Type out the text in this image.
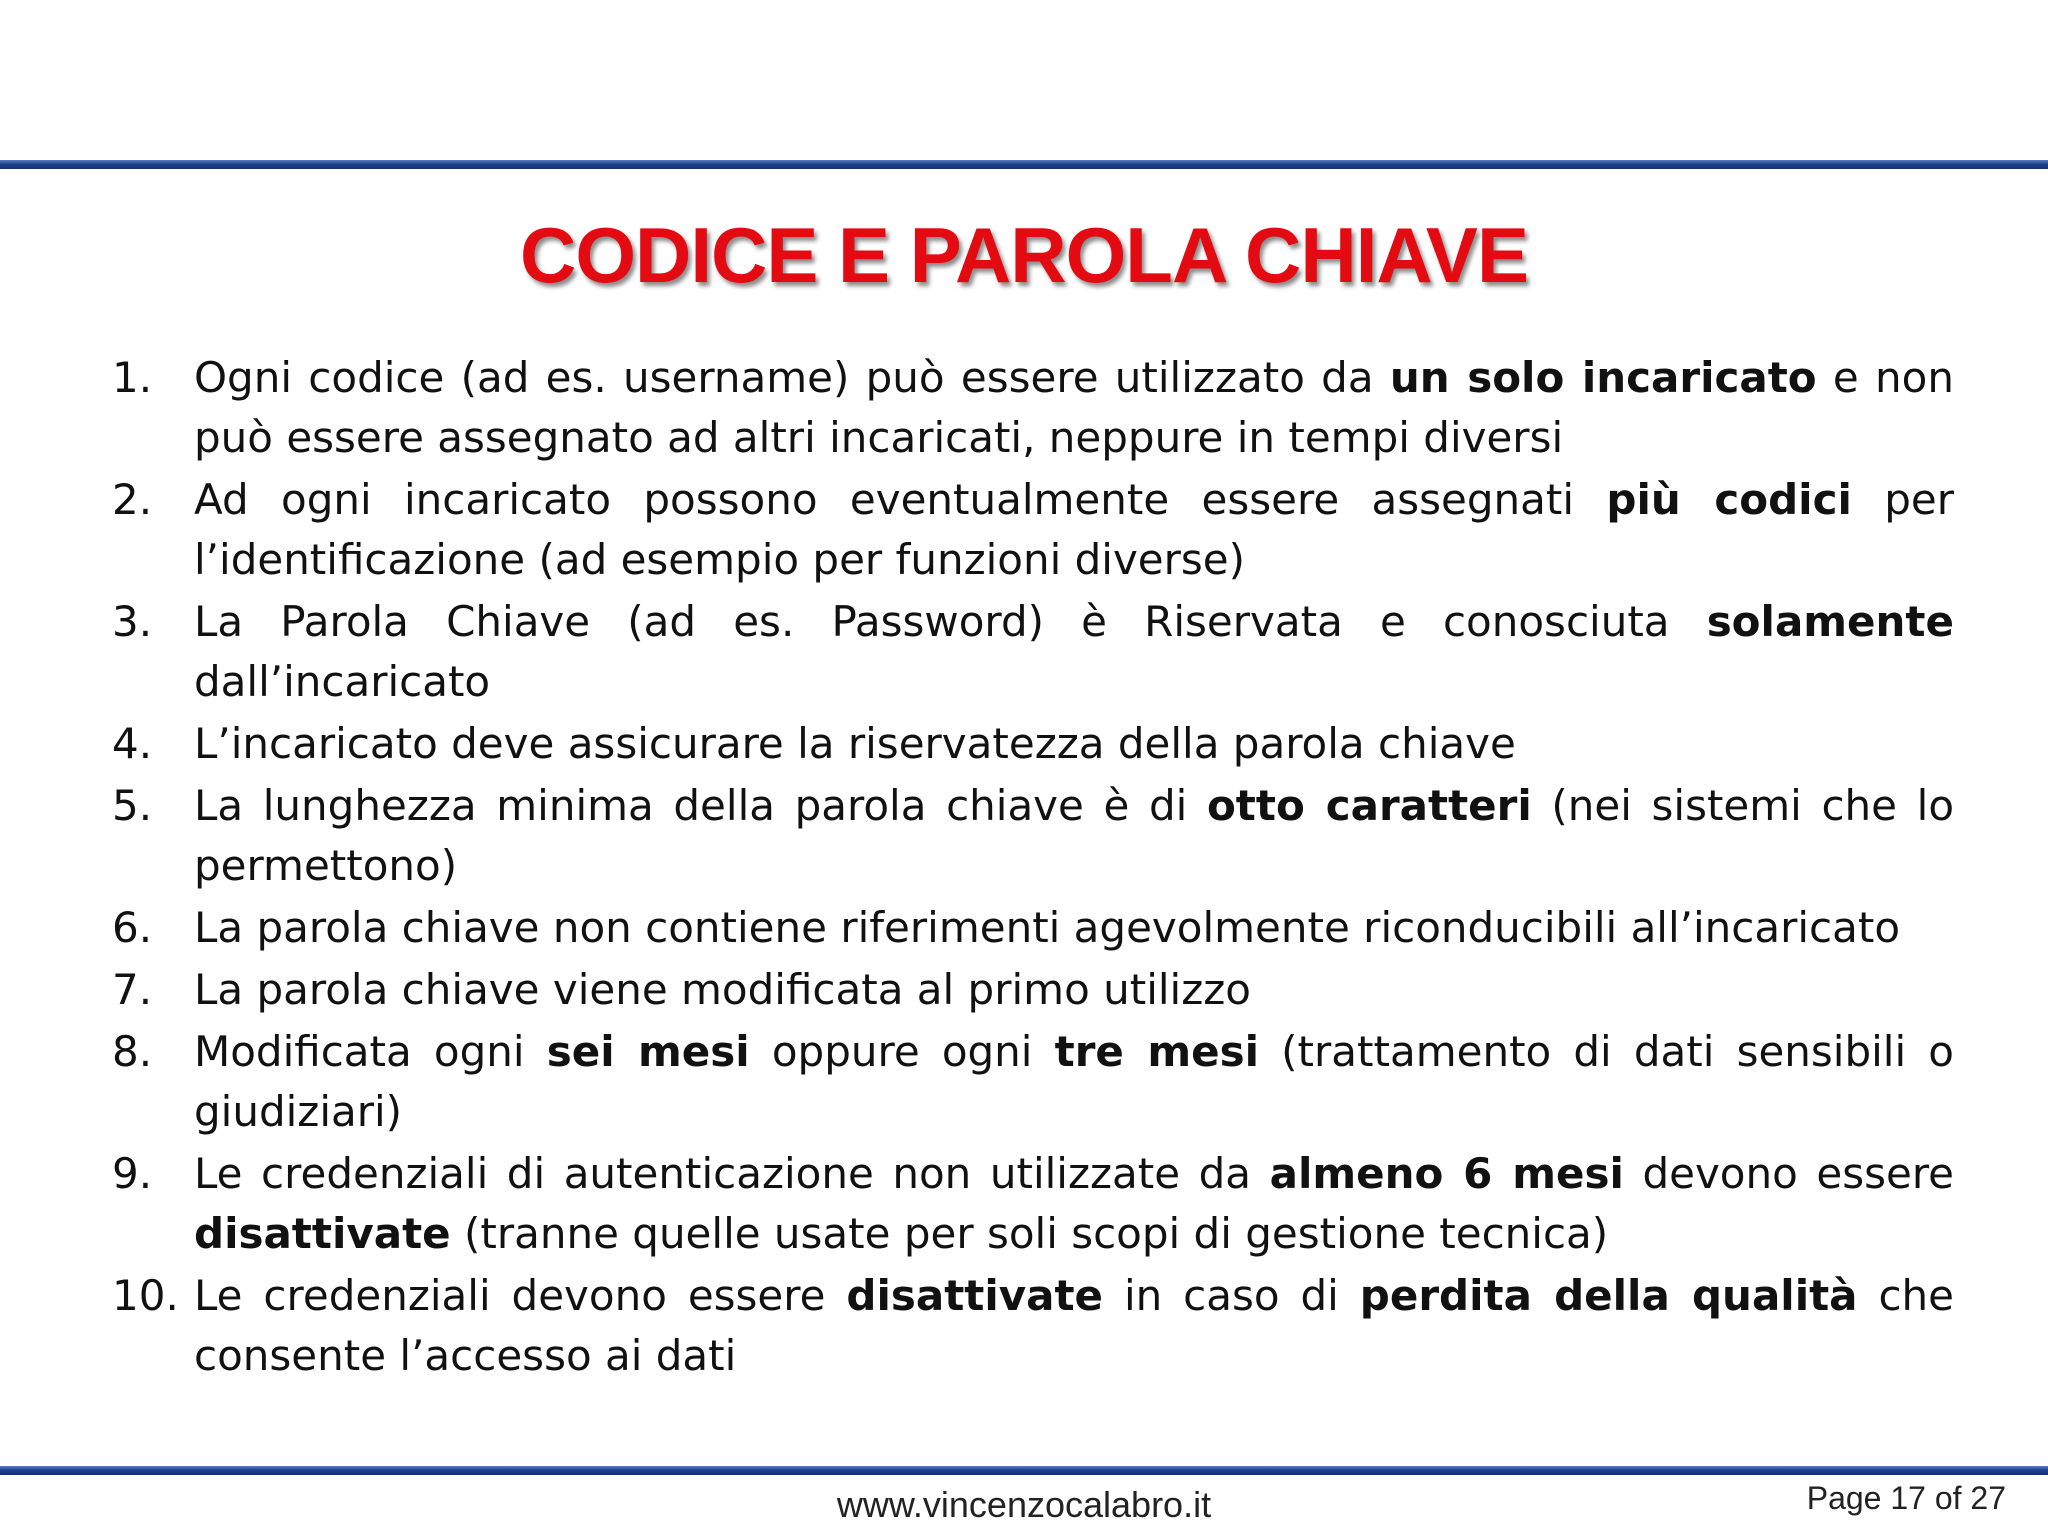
CODICE E PAROLA CHIAVE
1. Ogni codice (ad es. username) può essere utilizzato da un solo incaricato e non può essere assegnato ad altri incaricati, neppure in tempi diversi
2. Ad ogni incaricato possono eventualmente essere assegnati più codici per l’identificazione (ad esempio per funzioni diverse)
3. La Parola Chiave (ad es. Password) è Riservata e conosciuta solamente dall’incaricato
4. L’incaricato deve assicurare la riservatezza della parola chiave
5. La lunghezza minima della parola chiave è di otto caratteri (nei sistemi che lo permettono)
6. La parola chiave non contiene riferimenti agevolmente riconducibili all’incaricato
7. La parola chiave viene modificata al primo utilizzo
8. Modificata ogni sei mesi oppure ogni tre mesi (trattamento di dati sensibili o giudiziari)
9. Le credenziali di autenticazione non utilizzate da almeno 6 mesi devono essere disattivate (tranne quelle usate per soli scopi di gestione tecnica)
10. Le credenziali devono essere disattivate in caso di perdita della qualità che consente l’accesso ai dati
www.vincenzocalabro.it	Page 17 of 27
